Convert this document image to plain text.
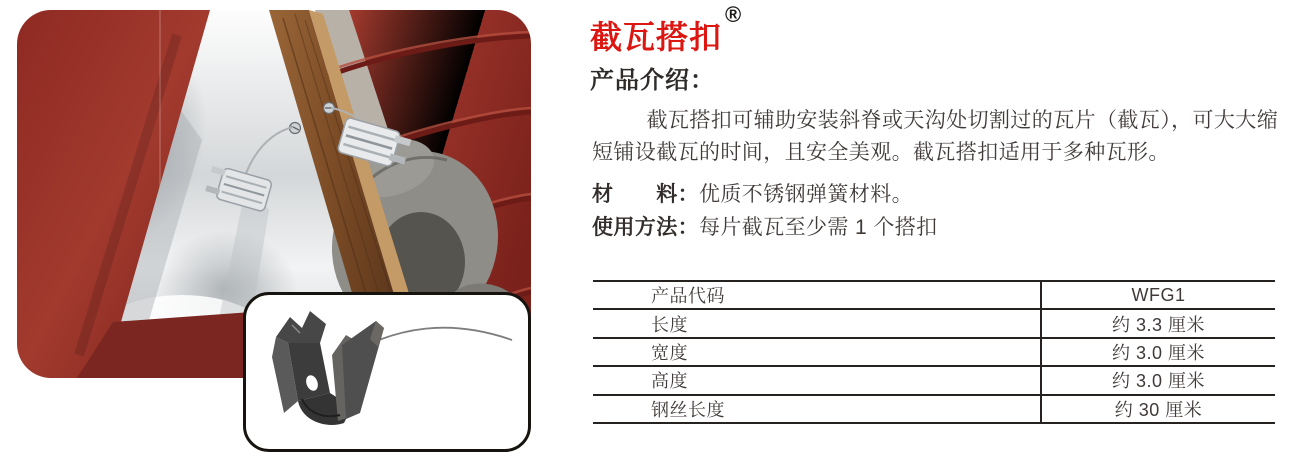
截瓦搭扣®
产品介绍：
截瓦搭扣可辅助安装斜脊或天沟处切割过的瓦片（截瓦），可大大缩
短铺设截瓦的时间，且安全美观。截瓦搭扣适用于多种瓦形。
材　　料：优质不锈钢弹簧材料。
使用方法：每片截瓦至少需 1 个搭扣
产品代码	WFG1
长度	约 3.3 厘米
宽度	约 3.0 厘米
高度	约 3.0 厘米
钢丝长度	约 30 厘米
